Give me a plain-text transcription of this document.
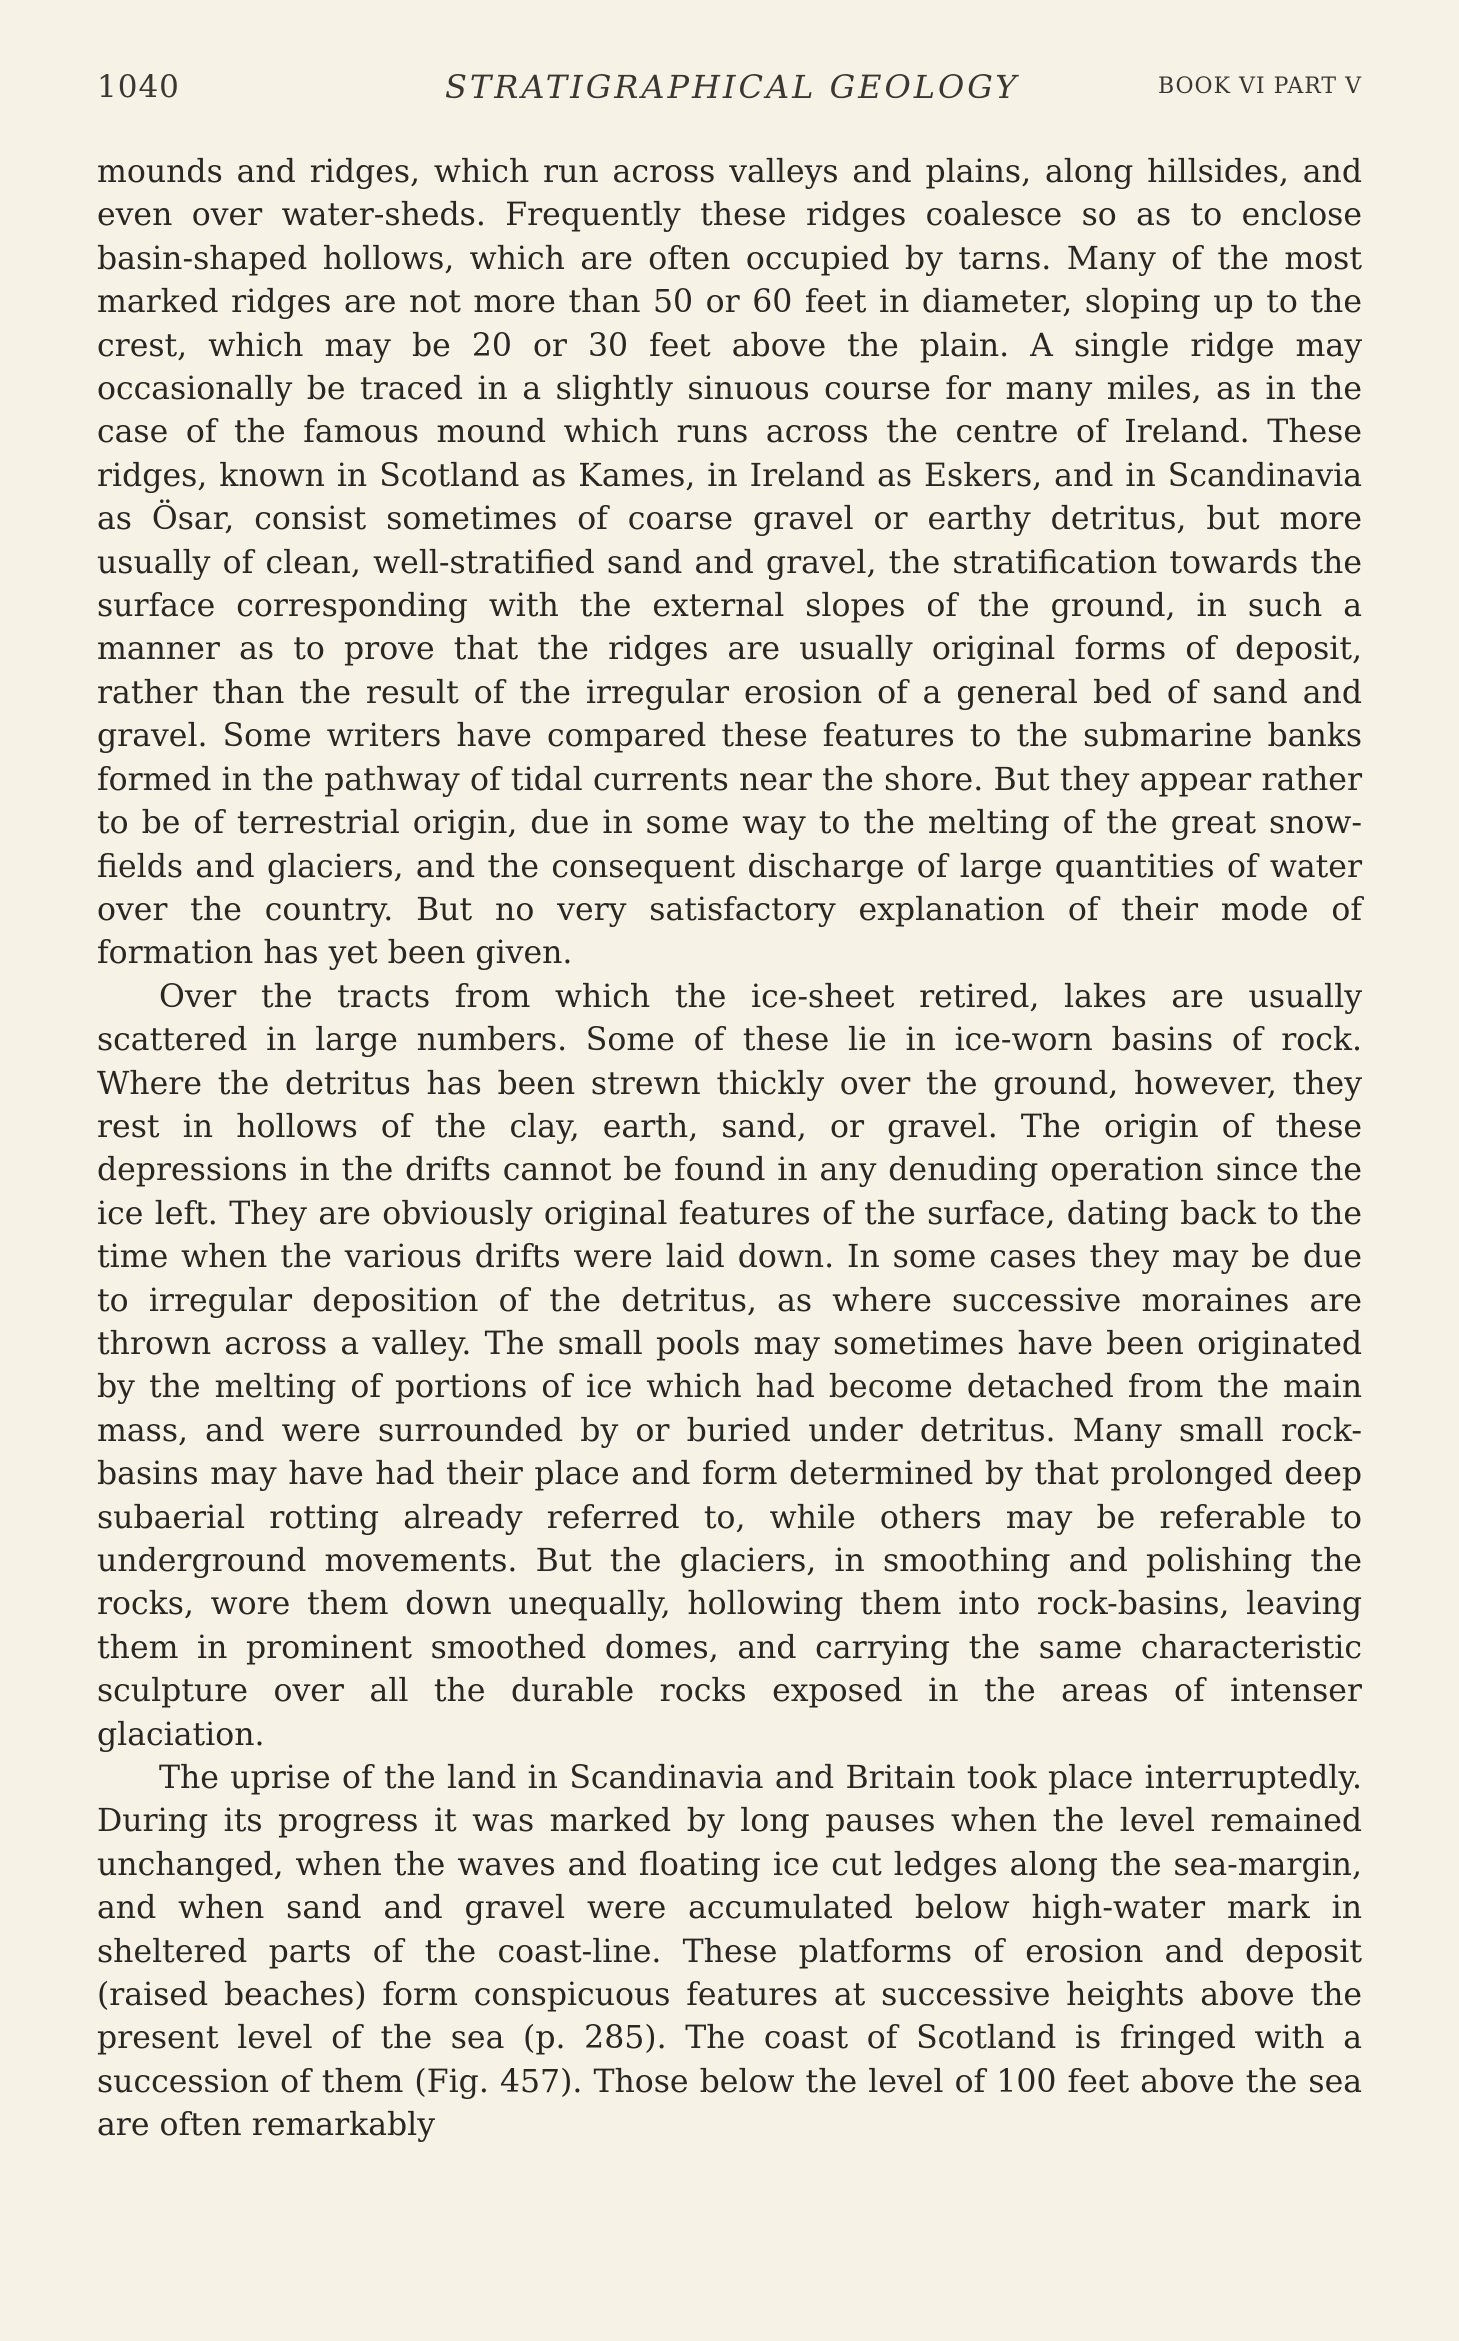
1040	STRATIGRAPHICAL GEOLOGY	BOOK VI PART V

mounds and ridges, which run across valleys and plains, along hillsides, and even over water-sheds. Frequently these ridges coalesce so as to enclose basin-shaped hollows, which are often occupied by tarns. Many of the most marked ridges are not more than 50 or 60 feet in diameter, sloping up to the crest, which may be 20 or 30 feet above the plain. A single ridge may occasionally be traced in a slightly sinuous course for many miles, as in the case of the famous mound which runs across the centre of Ireland. These ridges, known in Scotland as Kames, in Ireland as Eskers, and in Scandinavia as Ösar, consist sometimes of coarse gravel or earthy detritus, but more usually of clean, well-stratified sand and gravel, the stratification towards the surface corresponding with the external slopes of the ground, in such a manner as to prove that the ridges are usually original forms of deposit, rather than the result of the irregular erosion of a general bed of sand and gravel. Some writers have compared these features to the submarine banks formed in the pathway of tidal currents near the shore. But they appear rather to be of terrestrial origin, due in some way to the melting of the great snow-fields and glaciers, and the consequent discharge of large quantities of water over the country. But no very satisfactory explanation of their mode of formation has yet been given.

Over the tracts from which the ice-sheet retired, lakes are usually scattered in large numbers. Some of these lie in ice-worn basins of rock. Where the detritus has been strewn thickly over the ground, however, they rest in hollows of the clay, earth, sand, or gravel. The origin of these depressions in the drifts cannot be found in any denuding operation since the ice left. They are obviously original features of the surface, dating back to the time when the various drifts were laid down. In some cases they may be due to irregular deposition of the detritus, as where successive moraines are thrown across a valley. The small pools may sometimes have been originated by the melting of portions of ice which had become detached from the main mass, and were surrounded by or buried under detritus. Many small rock-basins may have had their place and form determined by that prolonged deep subaerial rotting already referred to, while others may be referable to underground movements. But the glaciers, in smoothing and polishing the rocks, wore them down unequally, hollowing them into rock-basins, leaving them in prominent smoothed domes, and carrying the same characteristic sculpture over all the durable rocks exposed in the areas of intenser glaciation.

The uprise of the land in Scandinavia and Britain took place interruptedly. During its progress it was marked by long pauses when the level remained unchanged, when the waves and floating ice cut ledges along the sea-margin, and when sand and gravel were accumulated below high-water mark in sheltered parts of the coast-line. These platforms of erosion and deposit (raised beaches) form conspicuous features at successive heights above the present level of the sea (p. 285). The coast of Scotland is fringed with a succession of them (Fig. 457). Those below the level of 100 feet above the sea are often remarkably
